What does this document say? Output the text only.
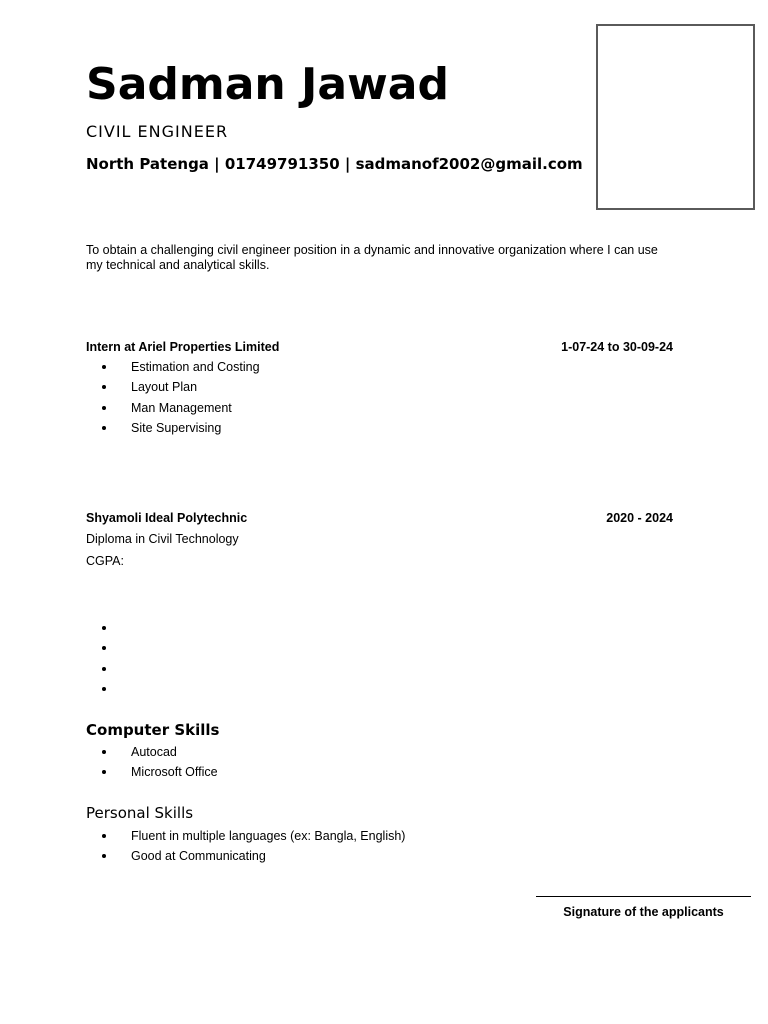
Sadman Jawad
CIVIL ENGINEER
North Patenga | 01749791350 | sadmanof2002@gmail.com
To obtain a challenging civil engineer position in a dynamic and innovative organization where I can use my technical and analytical skills.
Intern at Ariel Properties Limited	1-07-24 to 30-09-24
Estimation and Costing
Layout Plan
Man Management
Site Supervising
Shyamoli Ideal Polytechnic	2020 - 2024
Diploma in Civil Technology
CGPA:
Computer Skills
Autocad
Microsoft Office
Personal Skills
Fluent in multiple languages (ex: Bangla, English)
Good at Communicating
Signature of the applicants
